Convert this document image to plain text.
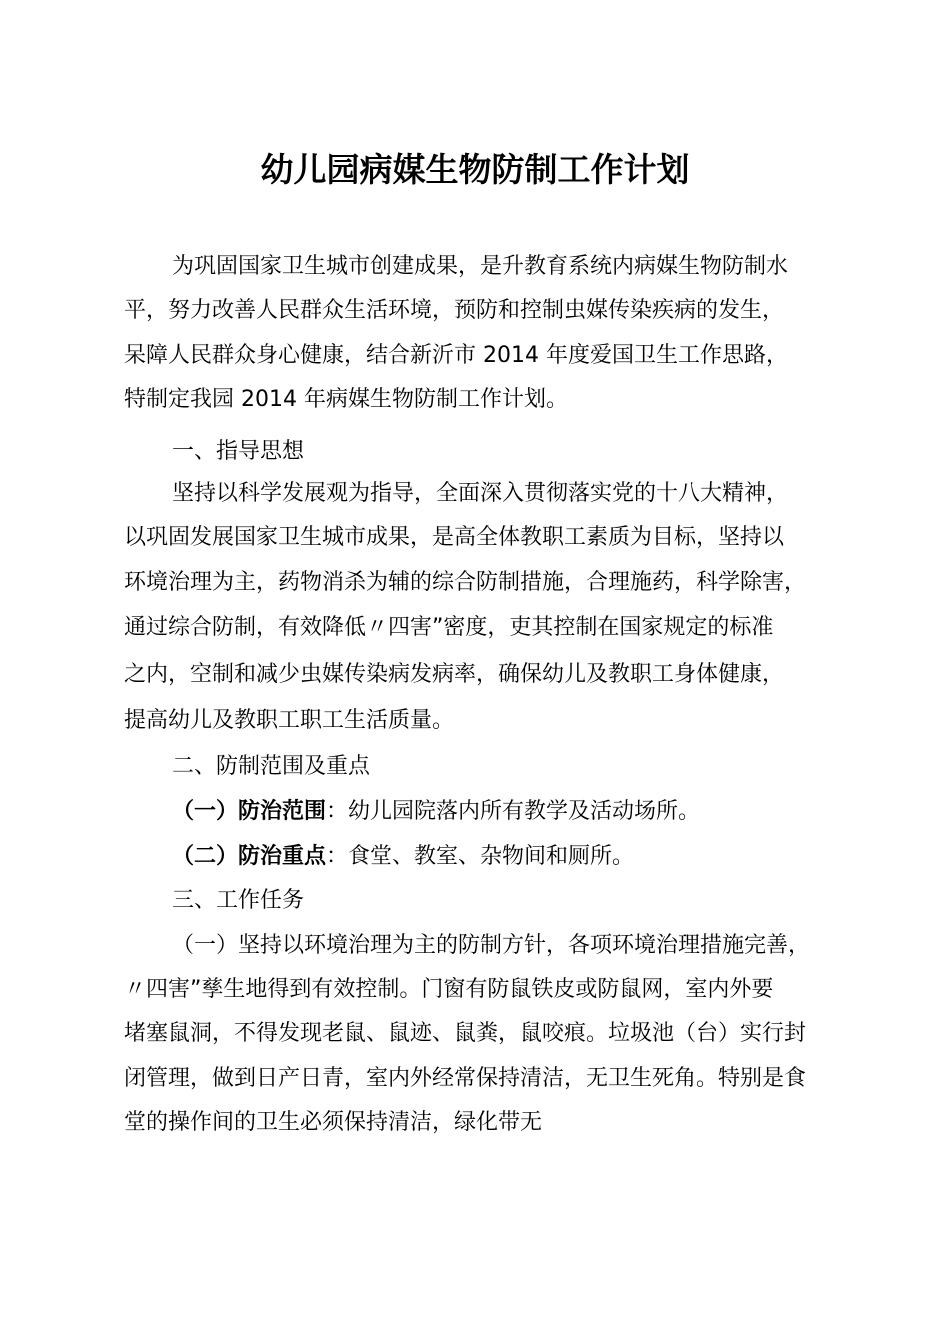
幼儿园病媒生物防制工作计划
为巩固国家卫生城市创建成果，是升教育系统内病媒生物防制水
平，努力改善人民群众生活环境，预防和控制虫媒传染疾病的发生，
呆障人民群众身心健康，结合新沂市 2014 年度爱国卫生工作思路，
特制定我园 2014 年病媒生物防制工作计划。
一、指导思想
坚持以科学发展观为指导，全面深入贯彻落实党的十八大精神，
以巩固发展国家卫生城市成果，是高全体教职工素质为目标，坚持以
环境治理为主，药物消杀为辅的综合防制措施，合理施药，科学除害，
通过综合防制，有效降低〃四害”密度，吏其控制在国家规定的标准
之内，空制和减少虫媒传染病发病率，确保幼儿及教职工身体健康，
提高幼儿及教职工职工生活质量。
二、防制范围及重点
（一）防治范围：幼儿园院落内所有教学及活动场所。
（二）防治重点：食堂、教室、杂物间和厕所。
三、工作任务
（一）坚持以环境治理为主的防制方针，各项环境治理措施完善，
〃四害”孳生地得到有效控制。门窗有防鼠铁皮或防鼠网，室内外要
堵塞鼠洞，不得发现老鼠、鼠迹、鼠粪，鼠咬痕。垃圾池（台）实行封
闭管理，做到日产日青，室内外经常保持清洁，无卫生死角。特别是食
堂的操作间的卫生必须保持清洁，绿化带无
